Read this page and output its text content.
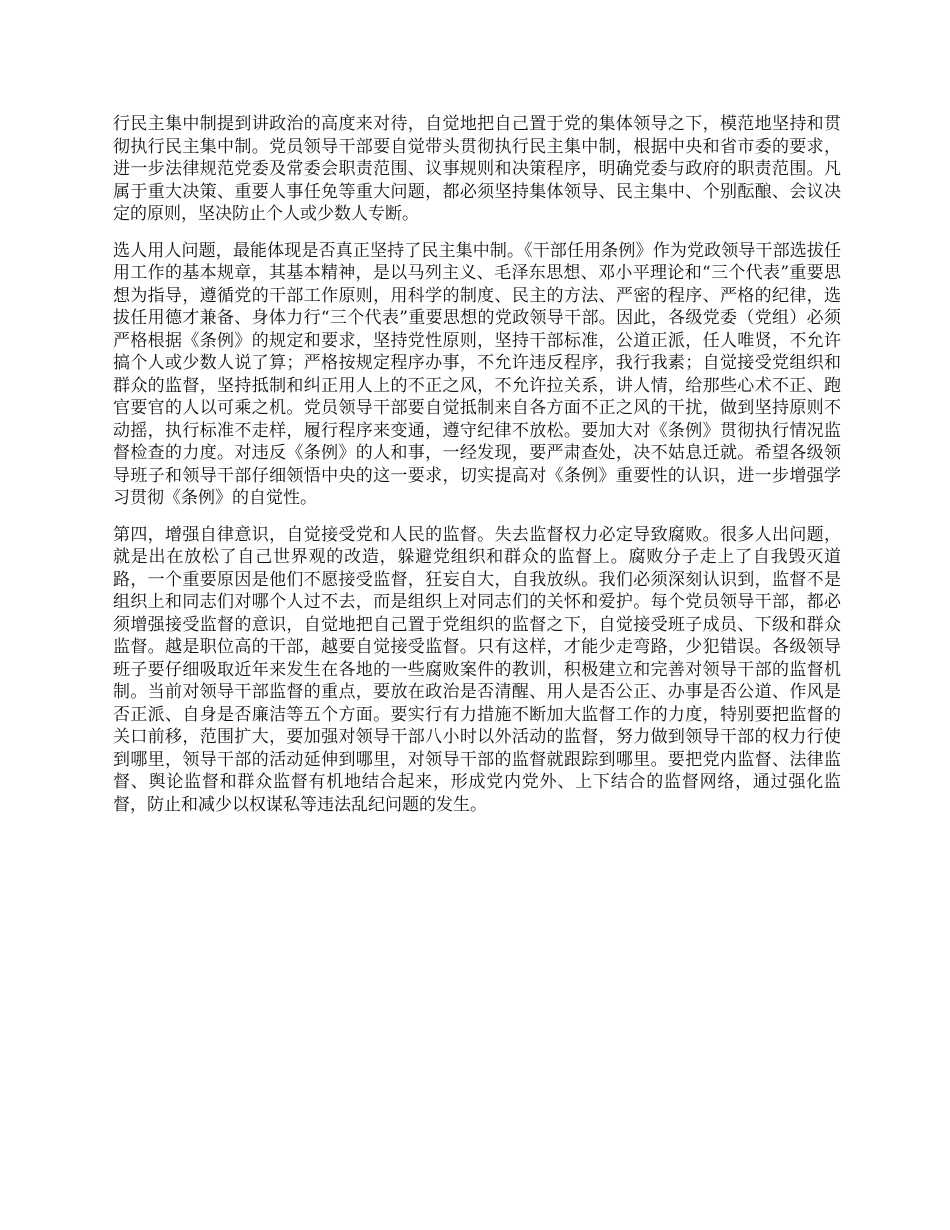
行民主集中制提到讲政治的高度来对待，自觉地把自己置于党的集体领导之下，模范地坚持和贯彻执行民主集中制。党员领导干部要自觉带头贯彻执行民主集中制，根据中央和省市委的要求，进一步法律规范党委及常委会职责范围、议事规则和决策程序，明确党委与政府的职责范围。凡属于重大决策、重要人事任免等重大问题，都必须坚持集体领导、民主集中、个别酝酿、会议决定的原则，坚决防止个人或少数人专断。

选人用人问题，最能体现是否真正坚持了民主集中制。《干部任用条例》作为党政领导干部选拔任用工作的基本规章，其基本精神，是以马列主义、毛泽东思想、邓小平理论和“三个代表”重要思想为指导，遵循党的干部工作原则，用科学的制度、民主的方法、严密的程序、严格的纪律，选拔任用德才兼备、身体力行“三个代表”重要思想的党政领导干部。因此，各级党委（党组）必须严格根据《条例》的规定和要求，坚持党性原则，坚持干部标准，公道正派，任人唯贤，不允许搞个人或少数人说了算；严格按规定程序办事，不允许违反程序，我行我素；自觉接受党组织和群众的监督，坚持抵制和纠正用人上的不正之风，不允许拉关系，讲人情，给那些心术不正、跑官要官的人以可乘之机。党员领导干部要自觉抵制来自各方面不正之风的干扰，做到坚持原则不动摇，执行标准不走样，履行程序来变通，遵守纪律不放松。要加大对《条例》贯彻执行情况监督检查的力度。对违反《条例》的人和事，一经发现，要严肃查处，决不姑息迁就。希望各级领导班子和领导干部仔细领悟中央的这一要求，切实提高对《条例》重要性的认识，进一步增强学习贯彻《条例》的自觉性。

第四，增强自律意识，自觉接受党和人民的监督。失去监督权力必定导致腐败。很多人出问题，就是出在放松了自己世界观的改造，躲避党组织和群众的监督上。腐败分子走上了自我毁灭道路，一个重要原因是他们不愿接受监督，狂妄自大，自我放纵。我们必须深刻认识到，监督不是组织上和同志们对哪个人过不去，而是组织上对同志们的关怀和爱护。每个党员领导干部，都必须增强接受监督的意识，自觉地把自己置于党组织的监督之下，自觉接受班子成员、下级和群众监督。越是职位高的干部，越要自觉接受监督。只有这样，才能少走弯路，少犯错误。各级领导班子要仔细吸取近年来发生在各地的一些腐败案件的教训，积极建立和完善对领导干部的监督机制。当前对领导干部监督的重点，要放在政治是否清醒、用人是否公正、办事是否公道、作风是否正派、自身是否廉洁等五个方面。要实行有力措施不断加大监督工作的力度，特别要把监督的关口前移，范围扩大，要加强对领导干部八小时以外活动的监督，努力做到领导干部的权力行使到哪里，领导干部的活动延伸到哪里，对领导干部的监督就跟踪到哪里。要把党内监督、法律监督、舆论监督和群众监督有机地结合起来，形成党内党外、上下结合的监督网络，通过强化监督，防止和减少以权谋私等违法乱纪问题的发生。
